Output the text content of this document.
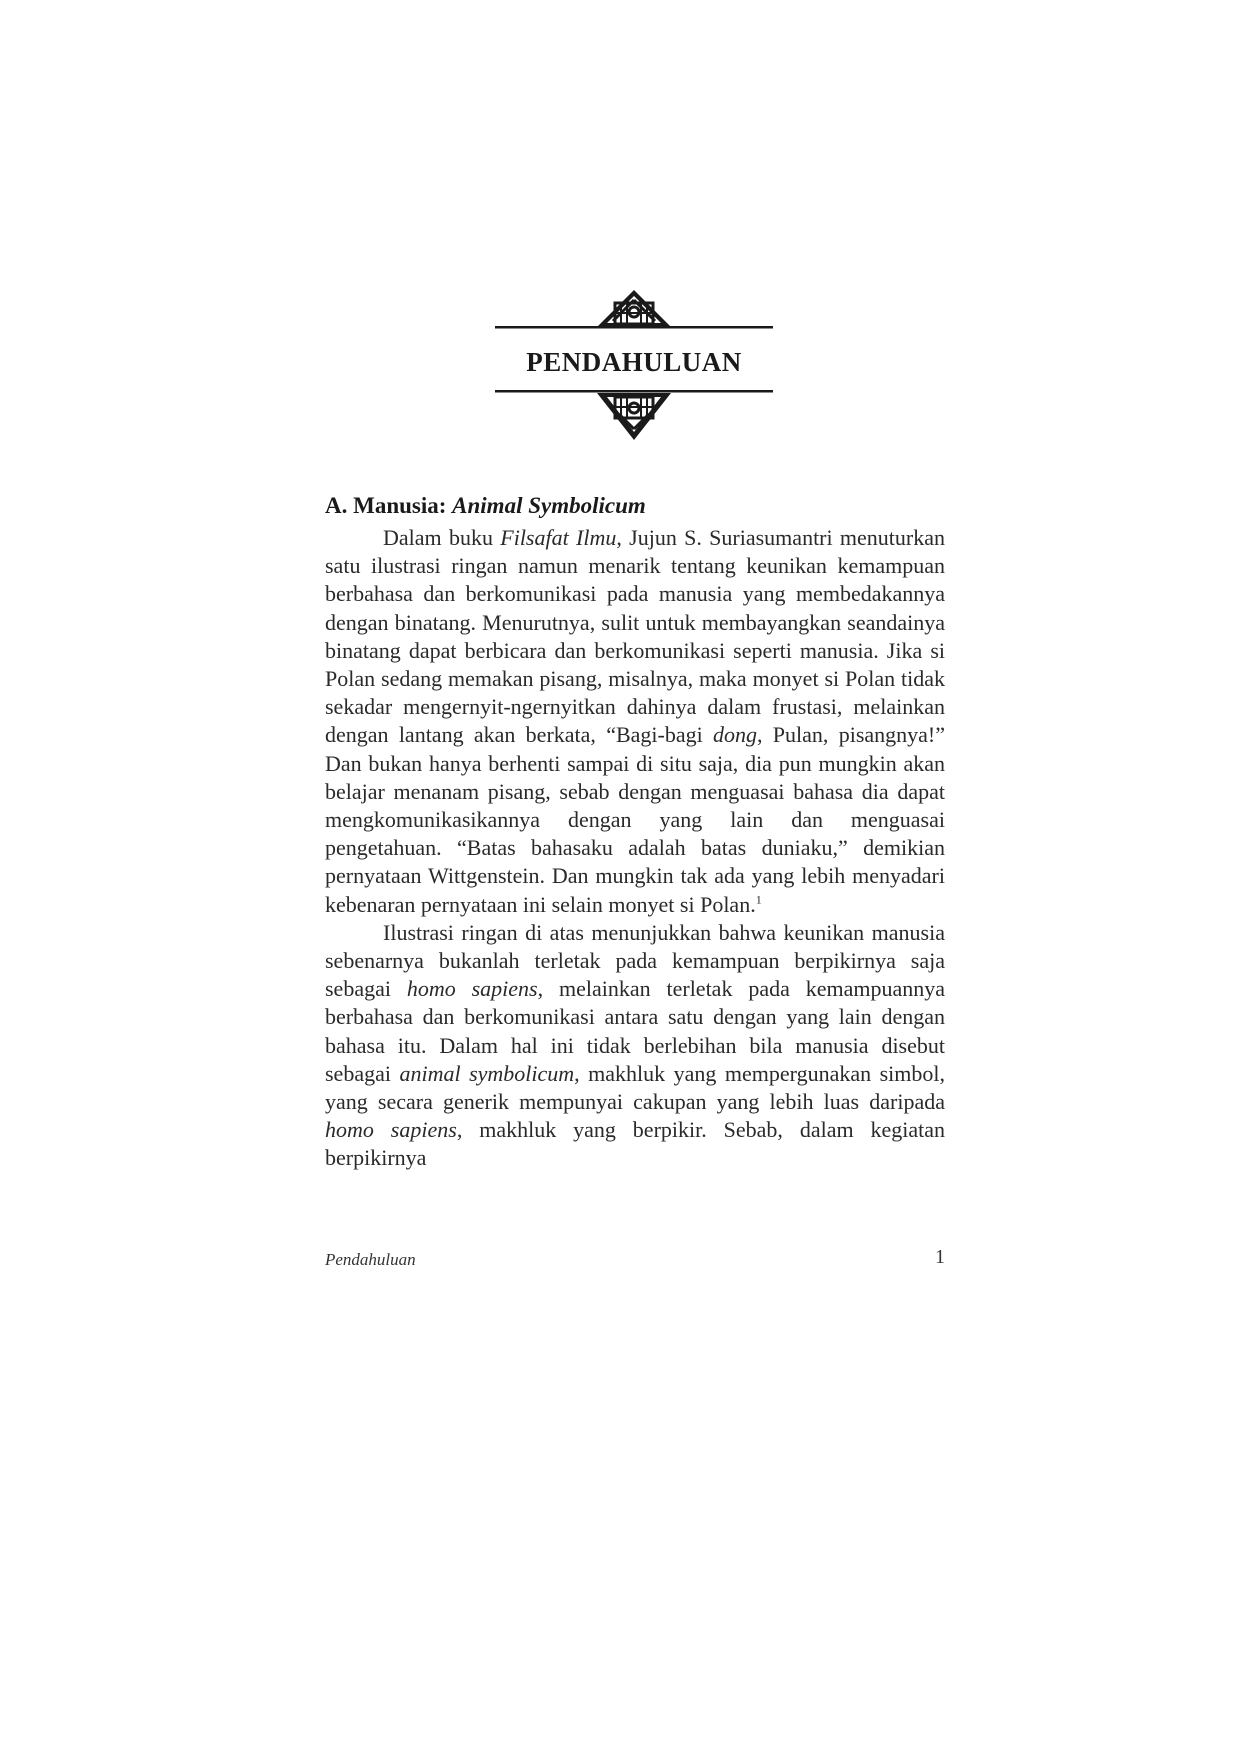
PENDAHULUAN
A. Manusia: Animal Symbolicum

Dalam buku Filsafat Ilmu, Jujun S. Suriasumantri menuturkan satu ilustrasi ringan namun menarik tentang keunikan kemampuan berbahasa dan berkomunikasi pada manusia yang membedakannya dengan binatang. Menurutnya, sulit untuk membayangkan seandainya binatang dapat berbicara dan berkomunikasi seperti manusia. Jika si Polan sedang memakan pisang, misalnya, maka monyet si Polan tidak sekadar mengernyit-ngernyitkan dahinya dalam frustasi, melainkan dengan lantang akan berkata, “Bagi-bagi dong, Pulan, pisangnya!” Dan bukan hanya berhenti sampai di situ saja, dia pun mungkin akan belajar menanam pisang, sebab dengan menguasai bahasa dia dapat mengkomunikasikannya dengan yang lain dan menguasai pengetahuan. “Batas bahasaku adalah batas duniaku,” demikian pernyataan Wittgenstein. Dan mungkin tak ada yang lebih menyadari kebenaran pernyataan ini selain monyet si Polan.$^1$

Ilustrasi ringan di atas menunjukkan bahwa keunikan manusia sebenarnya bukanlah terletak pada kemampuan berpikirnya saja sebagai homo sapiens, melainkan terletak pada kemampuannya berbahasa dan berkomunikasi antara satu dengan yang lain dengan bahasa itu. Dalam hal ini tidak berlebihan bila manusia disebut sebagai animal symbolicum, makhluk yang mempergunakan simbol, yang secara generik mempunyai cakupan yang lebih luas daripada homo sapiens, makhluk yang berpikir. Sebab, dalam kegiatan berpikirnya

Pendahuluan	1
